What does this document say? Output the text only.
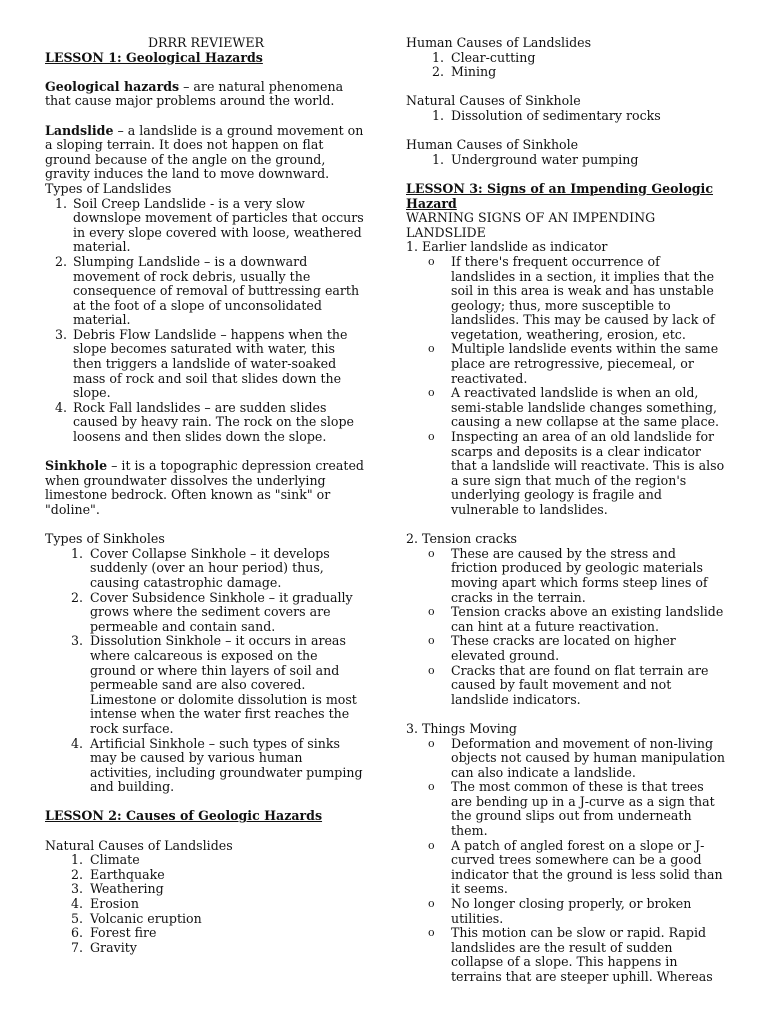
DRRR REVIEWER

LESSON 1: Geological Hazards

Geological hazards – are natural phenomena that cause major problems around the world.

Landslide – a landslide is a ground movement on a sloping terrain. It does not happen on flat ground because of the angle on the ground, gravity induces the land to move downward.

Types of Landslides

1. Soil Creep Landslide - is a very slow downslope movement of particles that occurs in every slope covered with loose, weathered material.
2. Slumping Landslide – is a downward movement of rock debris, usually the consequence of removal of buttressing earth at the foot of a slope of unconsolidated material.
3. Debris Flow Landslide – happens when the slope becomes saturated with water, this then triggers a landslide of water-soaked mass of rock and soil that slides down the slope.
4. Rock Fall landslides – are sudden slides caused by heavy rain. The rock on the slope loosens and then slides down the slope.

Sinkhole – it is a topographic depression created when groundwater dissolves the underlying limestone bedrock. Often known as "sink" or "doline".

Types of Sinkholes

1. Cover Collapse Sinkhole – it develops suddenly (over an hour period) thus, causing catastrophic damage.
2. Cover Subsidence Sinkhole – it gradually grows where the sediment covers are permeable and contain sand.
3. Dissolution Sinkhole – it occurs in areas where calcareous is exposed on the ground or where thin layers of soil and permeable sand are also covered. Limestone or dolomite dissolution is most intense when the water first reaches the rock surface.
4. Artificial Sinkhole – such types of sinks may be caused by various human activities, including groundwater pumping and building.

LESSON 2: Causes of Geologic Hazards

Natural Causes of Landslides

1. Climate
2. Earthquake
3. Weathering
4. Erosion
5. Volcanic eruption
6. Forest fire
7. Gravity

Human Causes of Landslides

1. Clear-cutting
2. Mining

Natural Causes of Sinkhole

1. Dissolution of sedimentary rocks

Human Causes of Sinkhole

1. Underground water pumping

LESSON 3: Signs of an Impending Geologic Hazard

WARNING SIGNS OF AN IMPENDING LANDSLIDE

1. Earlier landslide as indicator

o If there's frequent occurrence of landslides in a section, it implies that the soil in this area is weak and has unstable geology; thus, more susceptible to landslides. This may be caused by lack of vegetation, weathering, erosion, etc.
o Multiple landslide events within the same place are retrogressive, piecemeal, or reactivated.
o A reactivated landslide is when an old, semi-stable landslide changes something, causing a new collapse at the same place.
o Inspecting an area of an old landslide for scarps and deposits is a clear indicator that a landslide will reactivate. This is also a sure sign that much of the region's underlying geology is fragile and vulnerable to landslides.

2. Tension cracks

o These are caused by the stress and friction produced by geologic materials moving apart which forms steep lines of cracks in the terrain.
o Tension cracks above an existing landslide can hint at a future reactivation.
o These cracks are located on higher elevated ground.
o Cracks that are found on flat terrain are caused by fault movement and not landslide indicators.

3. Things Moving

o Deformation and movement of non-living objects not caused by human manipulation can also indicate a landslide.
o The most common of these is that trees are bending up in a J-curve as a sign that the ground slips out from underneath them.
o A patch of angled forest on a slope or J-curved trees somewhere can be a good indicator that the ground is less solid than it seems.
o No longer closing properly, or broken utilities.
o This motion can be slow or rapid. Rapid landslides are the result of sudden collapse of a slope. This happens in terrains that are steeper uphill. Whereas
